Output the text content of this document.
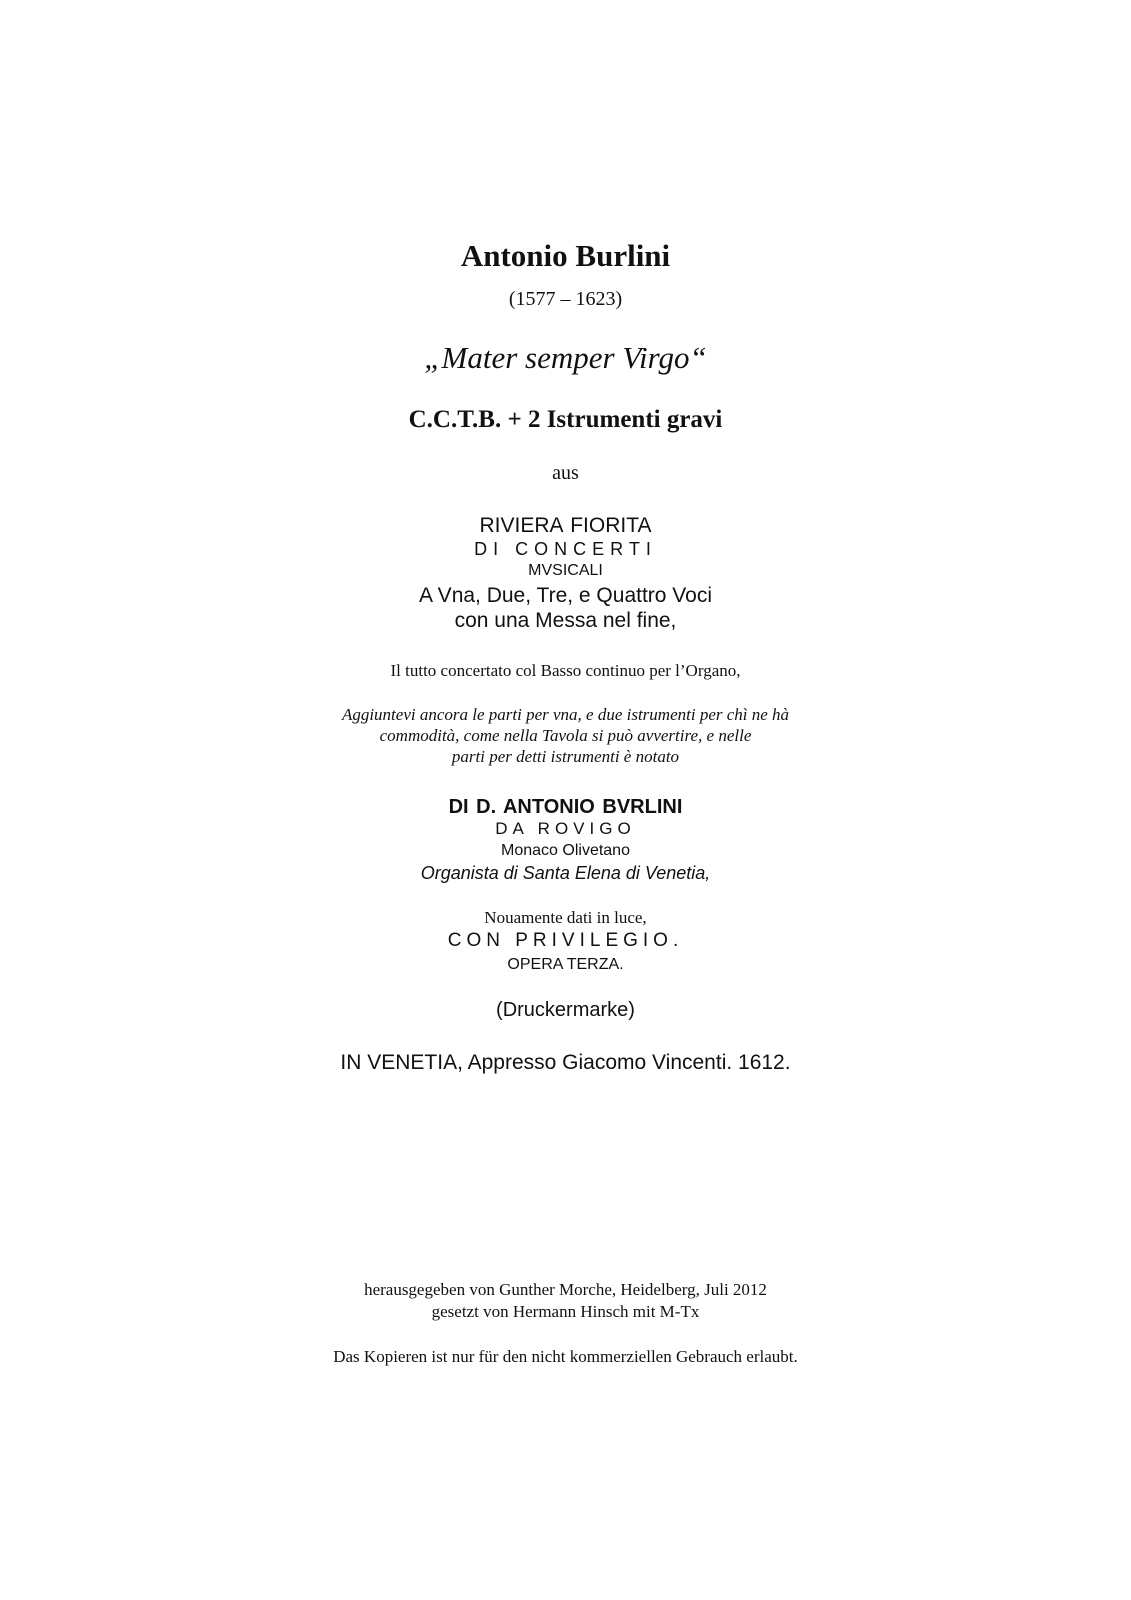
Antonio Burlini
(1577 – 1623)
„Mater semper Virgo“
C.C.T.B. + 2 Istrumenti gravi
aus
RIVIERA FIORITA
DI CONCERTI
MVSICALI
A Vna, Due, Tre, e Quattro Voci
con una Messa nel fine,
Il tutto concertato col Basso continuo per l’Organo,
Aggiuntevi ancora le parti per vna, e due istrumenti per chì ne hà
commodità, come nella Tavola si può avvertire, e nelle
parti per detti istrumenti è notato
DI D. ANTONIO BVRLINI
DA ROVIGO
Monaco Olivetano
Organista di Santa Elena di Venetia,
Nouamente dati in luce,
CON PRIVILEGIO.
OPERA TERZA.
(Druckermarke)
IN VENETIA, Appresso Giacomo Vincenti. 1612.
herausgegeben von Gunther Morche, Heidelberg, Juli 2012
gesetzt von Hermann Hinsch mit M-Tx
Das Kopieren ist nur für den nicht kommerziellen Gebrauch erlaubt.
